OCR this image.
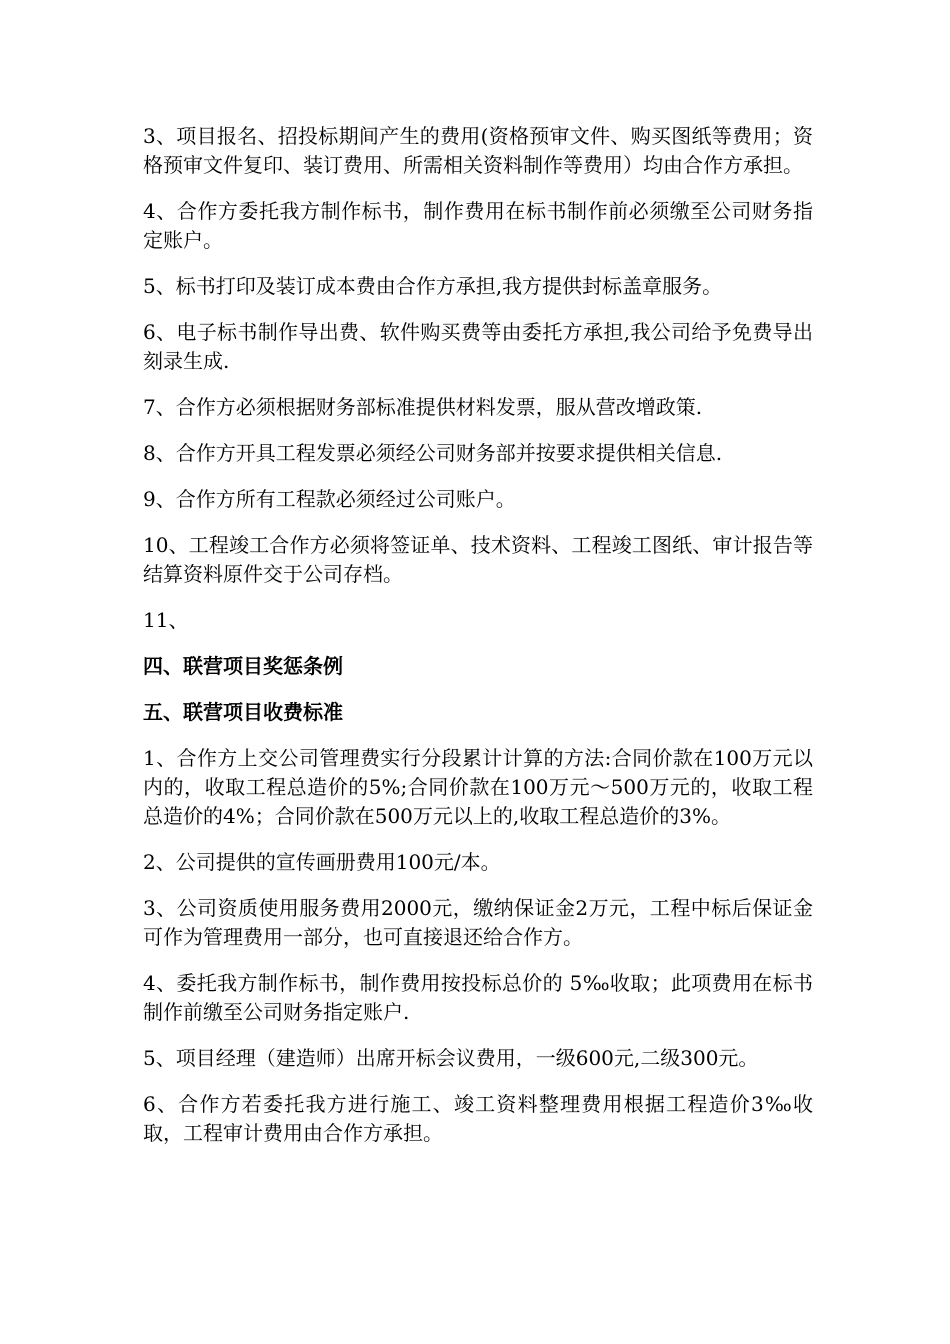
3、项目报名、招投标期间产生的费用(资格预审文件、购买图纸等费用；资格预审文件复印、装订费用、所需相关资料制作等费用）均由合作方承担。

4、合作方委托我方制作标书，制作费用在标书制作前必须缴至公司财务指定账户。

5、标书打印及装订成本费由合作方承担,我方提供封标盖章服务。

6、电子标书制作导出费、软件购买费等由委托方承担,我公司给予免费导出刻录生成.

7、合作方必须根据财务部标准提供材料发票，服从营改增政策.

8、合作方开具工程发票必须经公司财务部并按要求提供相关信息.

9、合作方所有工程款必须经过公司账户。

10、工程竣工合作方必须将签证单、技术资料、工程竣工图纸、审计报告等结算资料原件交于公司存档。

11、

四、联营项目奖惩条例

五、联营项目收费标准

1、合作方上交公司管理费实行分段累计计算的方法:合同价款在100万元以内的，收取工程总造价的5%;合同价款在100万元～500万元的，收取工程总造价的4%；合同价款在500万元以上的,收取工程总造价的3%。

2、公司提供的宣传画册费用100元/本。

3、公司资质使用服务费用2000元，缴纳保证金2万元，工程中标后保证金可作为管理费用一部分，也可直接退还给合作方。

4、委托我方制作标书，制作费用按投标总价的 5‰收取；此项费用在标书制作前缴至公司财务指定账户.

5、项目经理（建造师）出席开标会议费用，一级600元,二级300元。

6、合作方若委托我方进行施工、竣工资料整理费用根据工程造价3‰收取，工程审计费用由合作方承担。
